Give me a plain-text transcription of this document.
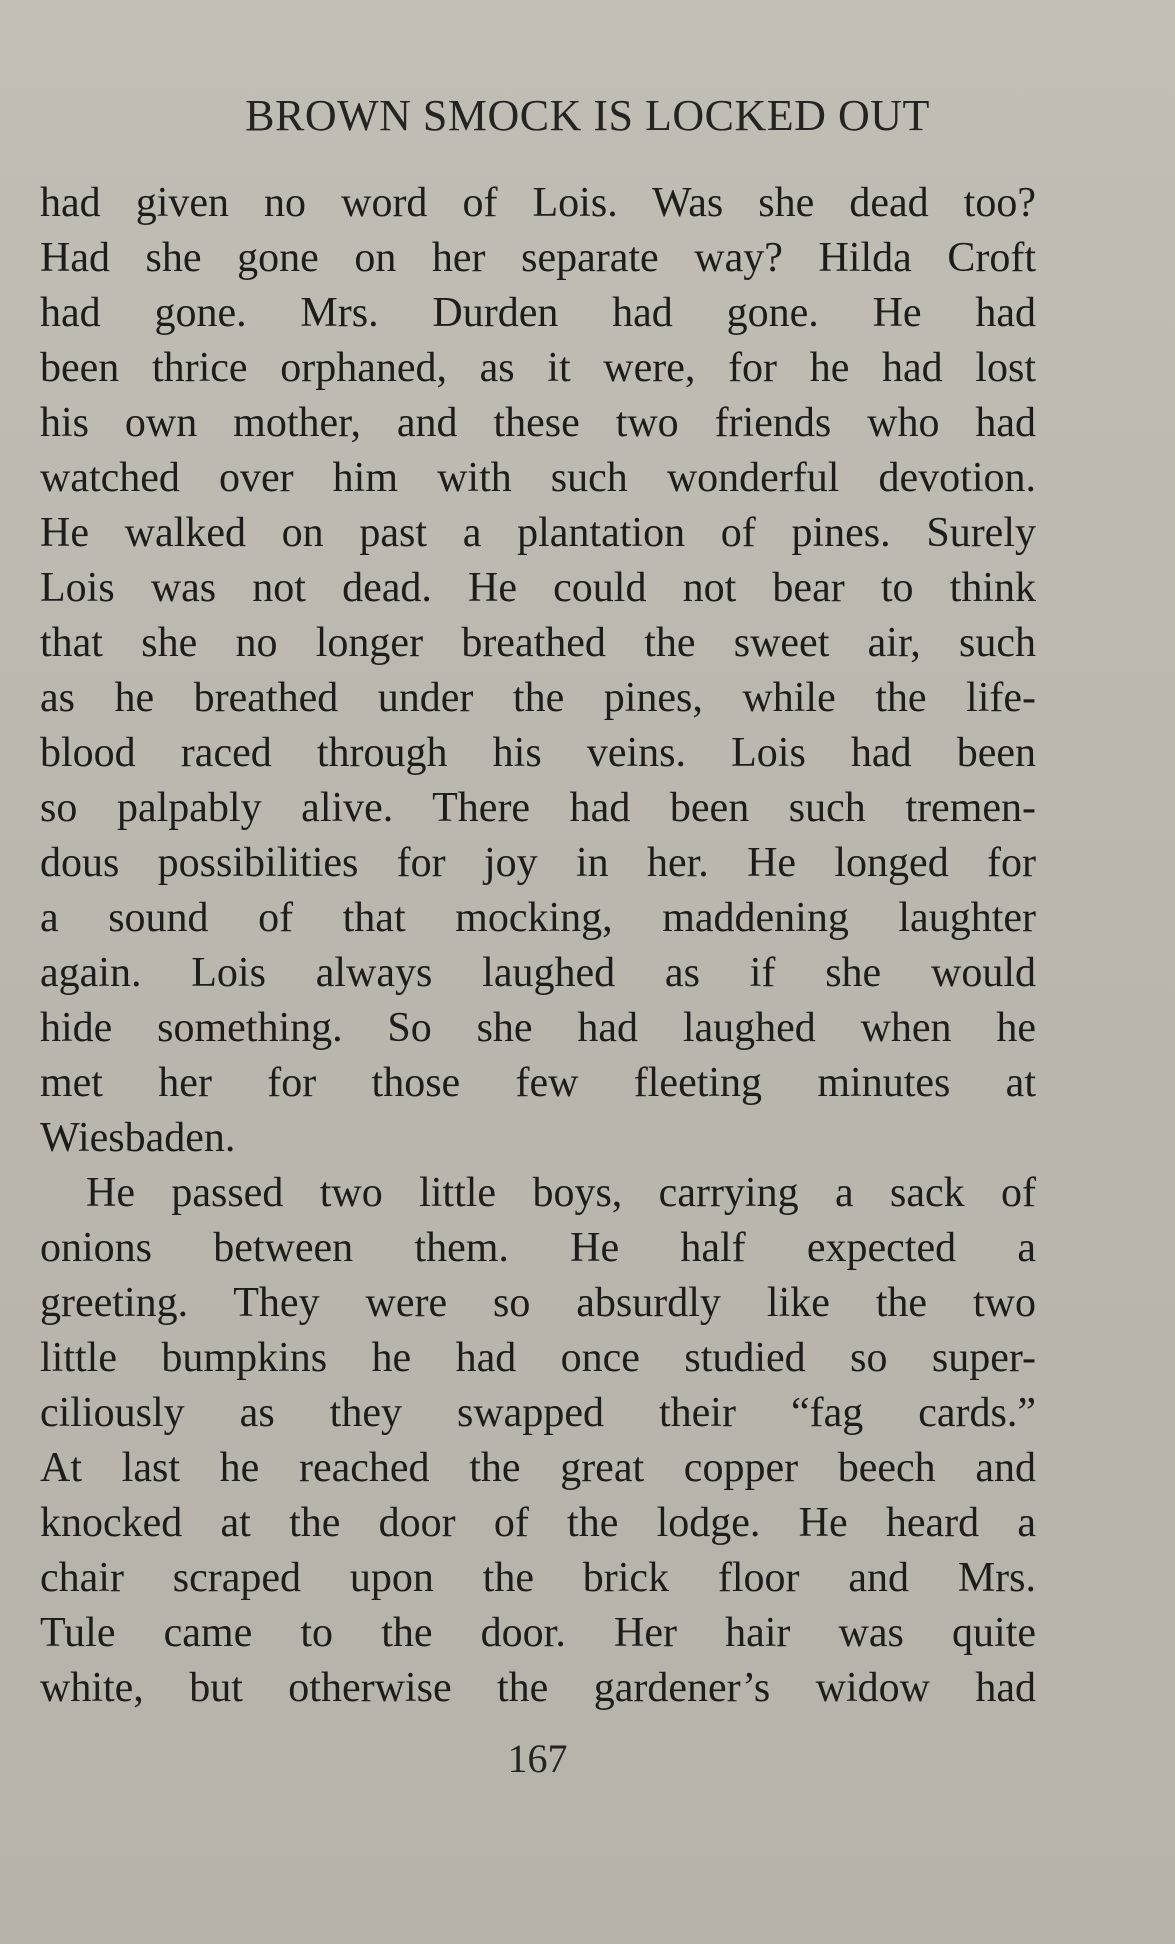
BROWN SMOCK IS LOCKED OUT
had given no word of Lois. Was she dead too?
Had she gone on her separate way? Hilda Croft
had gone. Mrs. Durden had gone. He had
been thrice orphaned, as it were, for he had lost
his own mother, and these two friends who had
watched over him with such wonderful devotion.
He walked on past a plantation of pines. Surely
Lois was not dead. He could not bear to think
that she no longer breathed the sweet air, such
as he breathed under the pines, while the life-
blood raced through his veins. Lois had been
so palpably alive. There had been such tremen-
dous possibilities for joy in her. He longed for
a sound of that mocking, maddening laughter
again. Lois always laughed as if she would
hide something. So she had laughed when he
met her for those few fleeting minutes at
Wiesbaden.
He passed two little boys, carrying a sack of
onions between them. He half expected a
greeting. They were so absurdly like the two
little bumpkins he had once studied so super-
ciliously as they swapped their “fag cards.”
At last he reached the great copper beech and
knocked at the door of the lodge. He heard a
chair scraped upon the brick floor and Mrs.
Tule came to the door. Her hair was quite
white, but otherwise the gardener’s widow had
167
